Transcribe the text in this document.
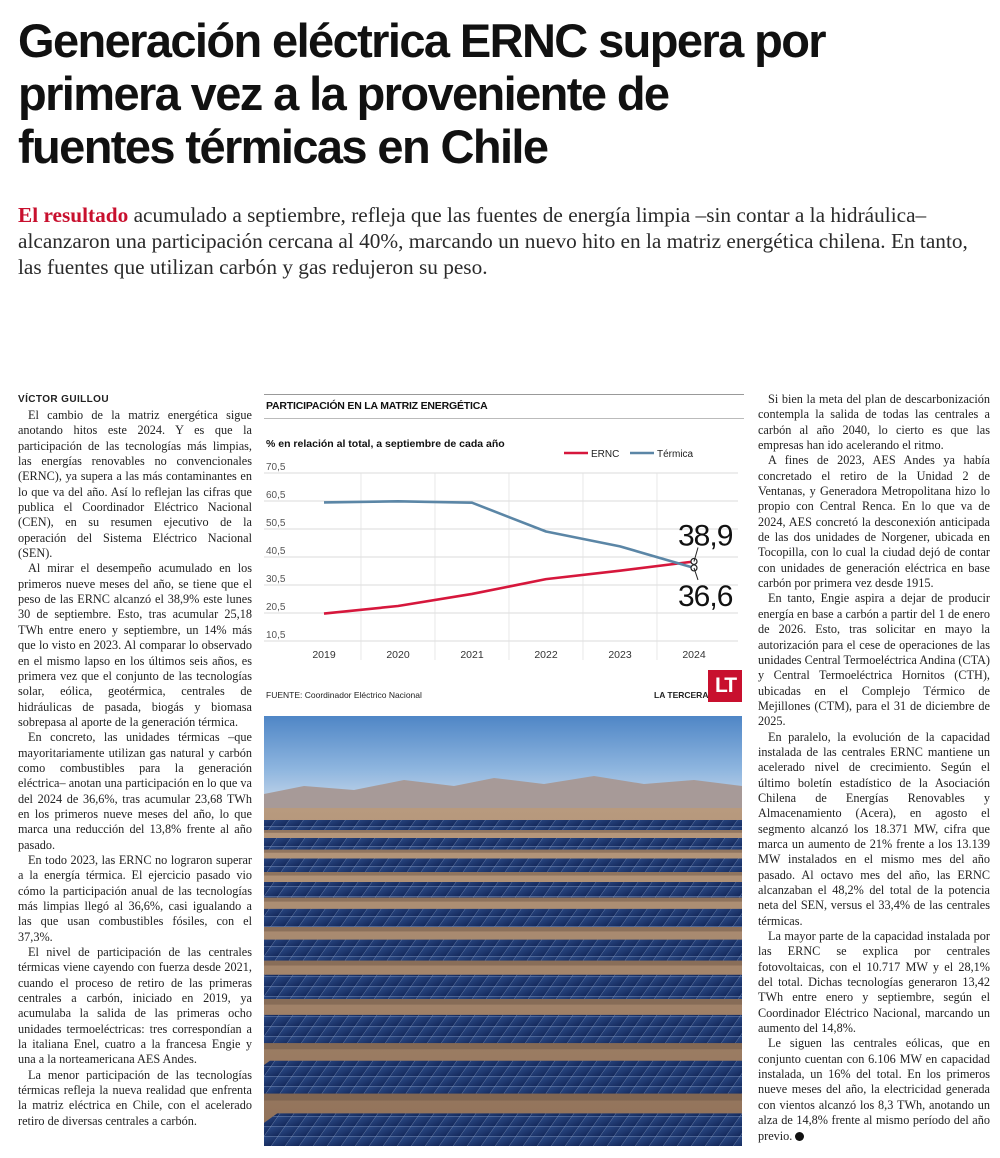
Generación eléctrica ERNC supera por
primera vez a la proveniente de
fuentes térmicas en Chile
El resultado acumulado a septiembre, refleja que las fuentes de energía limpia –sin contar a la hidráulica– alcanzaron una participación cercana al 40%, marcando un nuevo hito en la matriz energética chilena. En tanto, las fuentes que utilizan carbón y gas redujeron su peso.

VÍCTOR GUILLOU

El cambio de la matriz energética sigue anotando hitos este 2024. Y es que la participación de las tecnologías más limpias, las energías renovables no convencionales (ERNC), ya supera a las más contaminantes en lo que va del año. Así lo reflejan las cifras que publica el Coordinador Eléctrico Nacional (CEN), en su resumen ejecutivo de la operación del Sistema Eléctrico Nacional (SEN).

Al mirar el desempeño acumulado en los primeros nueve meses del año, se tiene que el peso de las ERNC alcanzó el 38,9% este lunes 30 de septiembre. Esto, tras acumular 25,18 TWh entre enero y septiembre, un 14% más que lo visto en 2023. Al comparar lo observado en el mismo lapso en los últimos seis años, es primera vez que el conjunto de las tecnologías solar, eólica, geotérmica, centrales de hidráulicas de pasada, biogás y biomasa sobrepasa al aporte de la generación térmica.

En concreto, las unidades térmicas –que mayoritariamente utilizan gas natural y carbón como combustibles para la generación eléctrica– anotan una participación en lo que va del 2024 de 36,6%, tras acumular 23,68 TWh en los primeros nueve meses del año, lo que marca una reducción del 13,8% frente al año pasado.

En todo 2023, las ERNC no lograron superar a la energía térmica. El ejercicio pasado vio cómo la participación anual de las tecnologías más limpias llegó al 36,6%, casi igualando a las que usan combustibles fósiles, con el 37,3%.

El nivel de participación de las centrales térmicas viene cayendo con fuerza desde 2021, cuando el proceso de retiro de las primeras centrales a carbón, iniciado en 2019, ya acumulaba la salida de las primeras ocho unidades termoeléctricas: tres correspondían a la italiana Enel, cuatro a la francesa Engie y una a la norteamericana AES Andes.

La menor participación de las tecnologías térmicas refleja la nueva realidad que enfrenta la matriz eléctrica en Chile, con el acelerado retiro de diversas centrales a carbón.

PARTICIPACIÓN EN LA MATRIZ ENERGÉTICA
% en relación al total, a septiembre de cada año
70,5
60,5
50,5
40,5
30,5
20,5
10,5
2019	2020	2021	2022	2023	2024
38,9
36,6
ERNC	Térmica
FUENTE: Coordinador Eléctrico Nacional	LA TERCERA LT

Si bien la meta del plan de descarbonización contempla la salida de todas las centrales a carbón al año 2040, lo cierto es que las empresas han ido acelerando el ritmo.

A fines de 2023, AES Andes ya había concretado el retiro de la Unidad 2 de Ventanas, y Generadora Metropolitana hizo lo propio con Central Renca. En lo que va de 2024, AES concretó la desconexión anticipada de las dos unidades de Norgener, ubicada en Tocopilla, con lo cual la ciudad dejó de contar con unidades de generación eléctrica en base carbón por primera vez desde 1915.

En tanto, Engie aspira a dejar de producir energía en base a carbón a partir del 1 de enero de 2026. Esto, tras solicitar en mayo la autorización para el cese de operaciones de las unidades Central Termoeléctrica Andina (CTA) y Central Termoeléctrica Hornitos (CTH), ubicadas en el Complejo Térmico de Mejillones (CTM), para el 31 de diciembre de 2025.

En paralelo, la evolución de la capacidad instalada de las centrales ERNC mantiene un acelerado nivel de crecimiento. Según el último boletín estadístico de la Asociación Chilena de Energías Renovables y Almacenamiento (Acera), en agosto el segmento alcanzó los 18.371 MW, cifra que marca un aumento de 21% frente a los 13.139 MW instalados en el mismo mes del año pasado. Al octavo mes del año, las ERNC alcanzaban el 48,2% del total de la potencia neta del SEN, versus el 33,4% de las centrales térmicas.

La mayor parte de la capacidad instalada por las ERNC se explica por centrales fotovoltaicas, con el 10.717 MW y el 28,1% del total. Dichas tecnologías generaron 13,42 TWh entre enero y septiembre, según el Coordinador Eléctrico Nacional, marcando un aumento del 14,8%.

Le siguen las centrales eólicas, que en conjunto cuentan con 6.106 MW en capacidad instalada, un 16% del total. En los primeros nueve meses del año, la electricidad generada con vientos alcanzó los 8,3 TWh, anotando un alza de 14,8% frente al mismo período del año previo.
